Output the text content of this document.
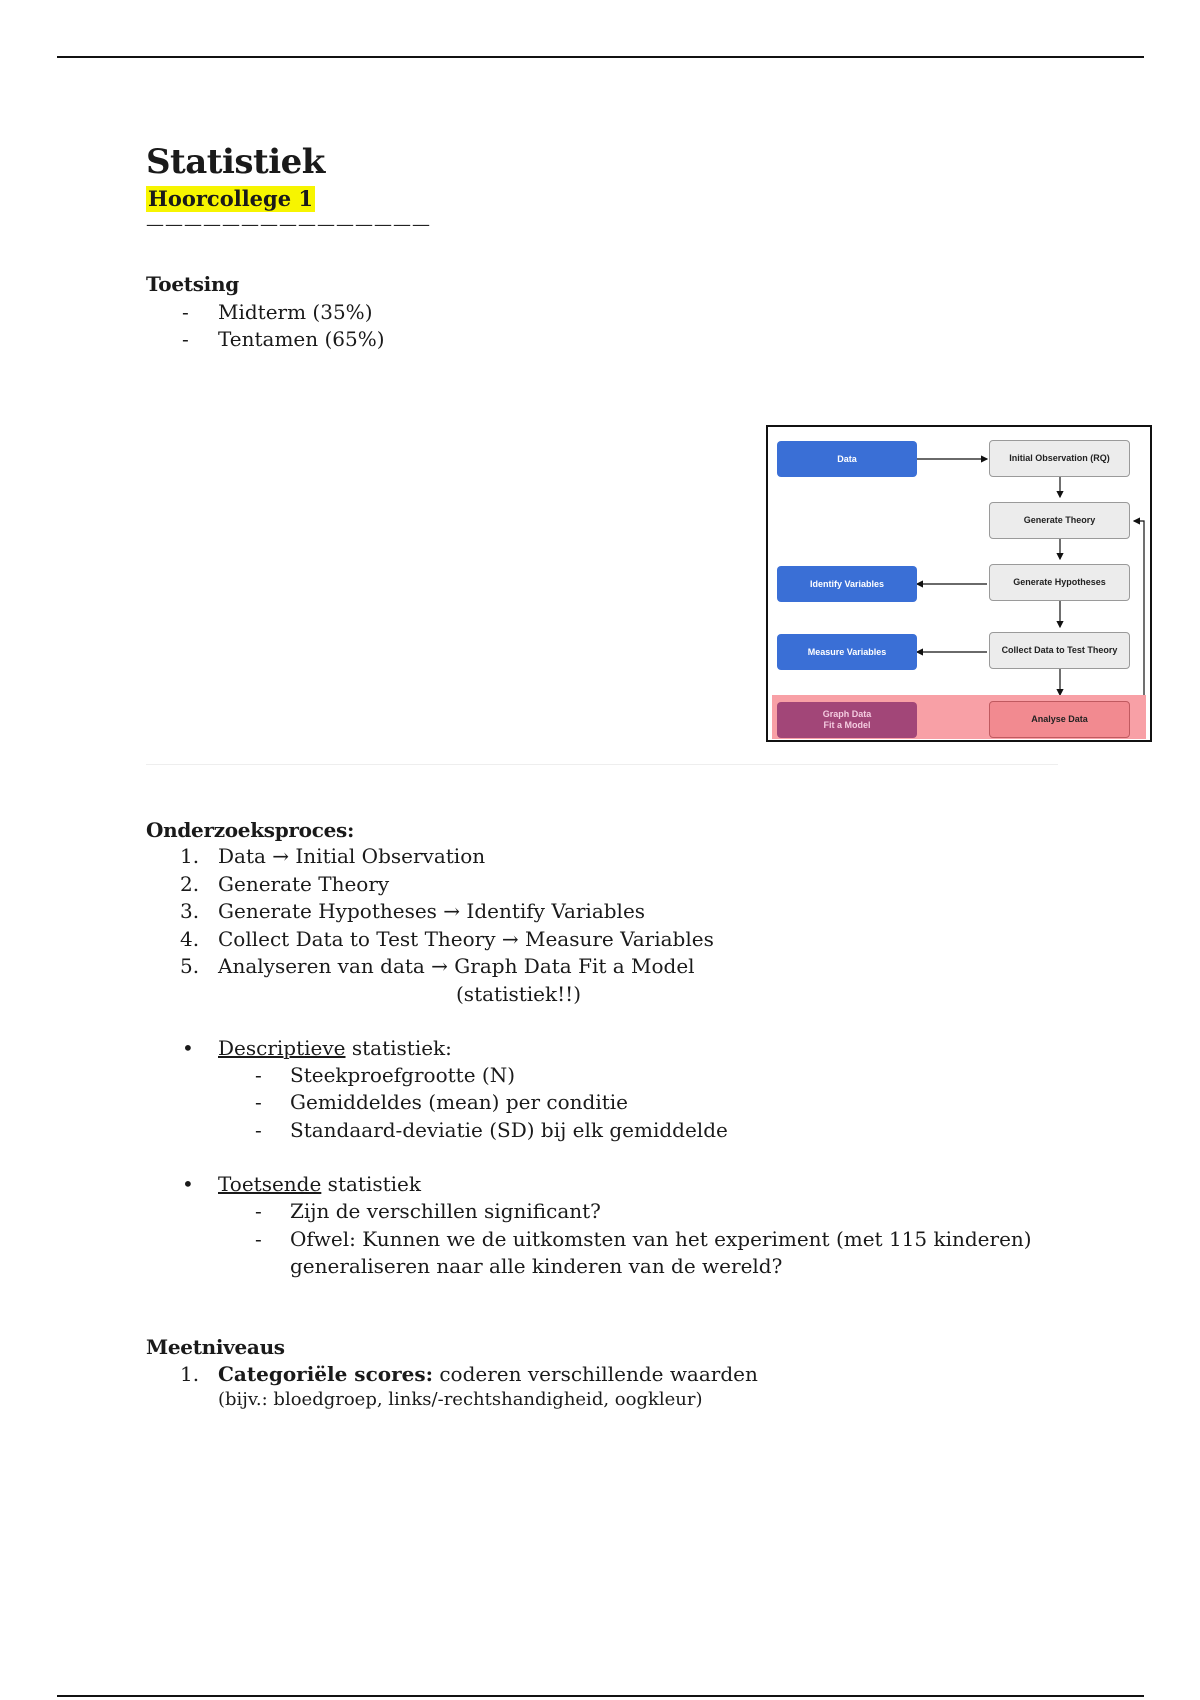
Statistiek
Hoorcollege 1
———————————————
Toetsing
- Midterm (35%)
- Tentamen (65%)
Data	Initial Observation (RQ)
Generate Theory
Identify Variables	Generate Hypotheses
Measure Variables	Collect Data to Test Theory
Graph Data
Fit a Model
Analyse Data
Onderzoeksproces:
1. Data → Initial Observation
2. Generate Theory
3. Generate Hypotheses → Identify Variables
4. Collect Data to Test Theory → Measure Variables
5. Analyseren van data → Graph Data Fit a Model
(statistiek!!)
• Descriptieve statistiek:
- Steekproefgrootte (N)
- Gemiddeldes (mean) per conditie
- Standaard-deviatie (SD) bij elk gemiddelde
• Toetsende statistiek
- Zijn de verschillen significant?
- Ofwel: Kunnen we de uitkomsten van het experiment (met 115 kinderen)
generaliseren naar alle kinderen van de wereld?
Meetniveaus
1. Categoriële scores: coderen verschillende waarden
(bijv.: bloedgroep, links/-rechtshandigheid, oogkleur)
